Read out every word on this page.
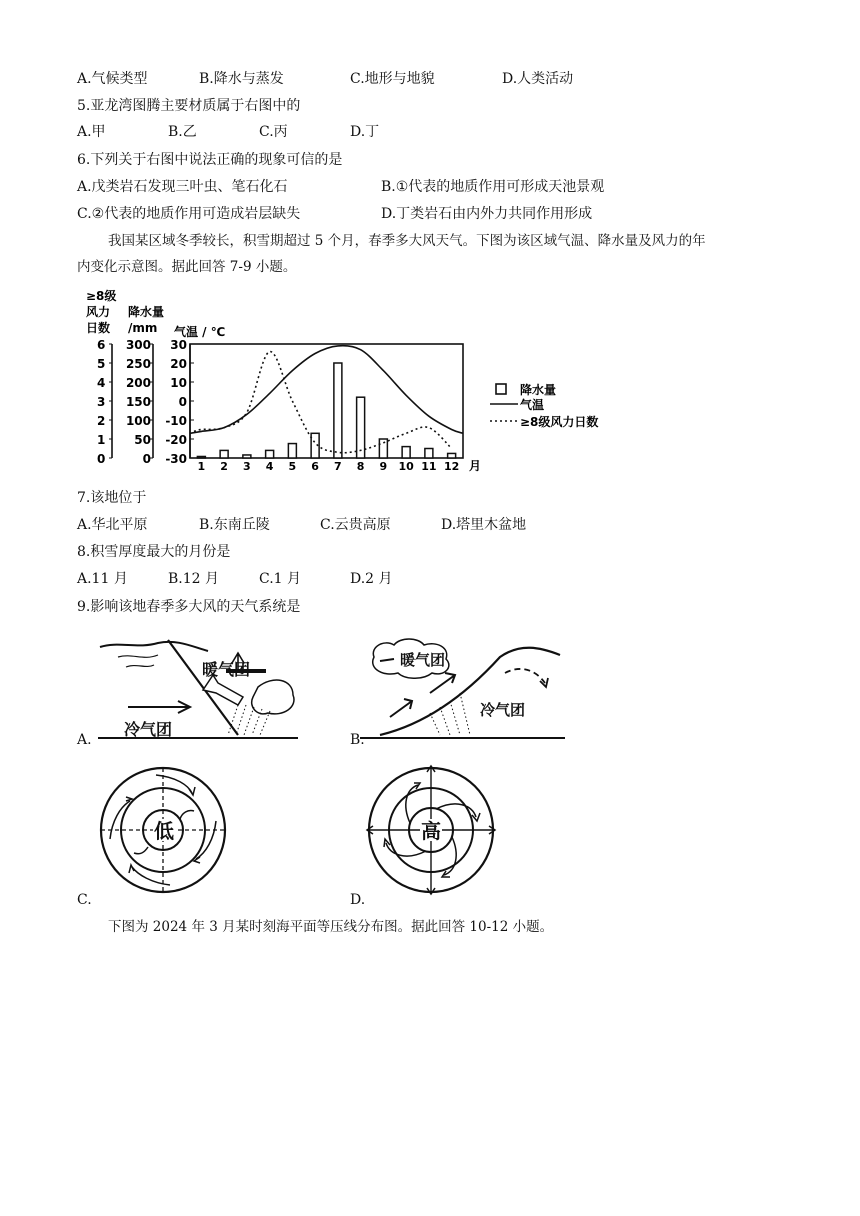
A.气候类型	B.降水与蒸发	C.地形与地貌	D.人类活动
5.亚龙湾图腾主要材质属于右图中的
A.甲	B.乙	C.丙	D.丁
6.下列关于右图中说法正确的现象可信的是
A.戊类岩石发现三叶虫、笔石化石	B.①代表的地质作用可形成天池景观
C.②代表的地质作用可造成岩层缺失	D.丁类岩石由内外力共同作用形成
我国某区域冬季较长，积雪期超过 5 个月，春季多大风天气。下图为该区域气温、降水量及风力的年
内变化示意图。据此回答 7-9 小题。
≥8级
风力
日数
降水量
/mm 气温 / ℃
6
5
4
3
2
1
0
300
250
200
150
100
50
0
30
20
10
0
-10
-20
-30
1 2 3 4 5 6 7 8 9 10 11 12 月
降水量
气温
≥8级风力日数
7.该地位于
A.华北平原	B.东南丘陵	C.云贵高原	D.塔里木盆地
8.积雪厚度最大的月份是
A.11 月	B.12 月	C.1 月	D.2 月
9.影响该地春季多大风的天气系统是
A.
暖气团
冷气团
B.
暖气团
冷气团
C.
低
D.
高
下图为 2024 年 3 月某时刻海平面等压线分布图。据此回答 10-12 小题。
